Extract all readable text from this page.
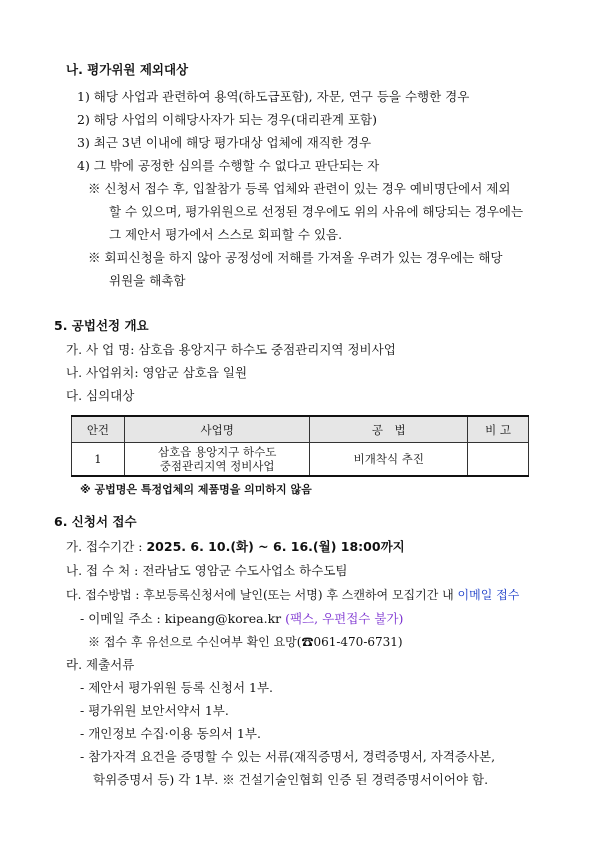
나. 평가위원 제외대상
1) 해당 사업과 관련하여 용역(하도급포함), 자문, 연구 등을 수행한 경우
2) 해당 사업의 이해당사자가 되는 경우(대리관계 포함)
3) 최근 3년 이내에 해당 평가대상 업체에 재직한 경우
4) 그 밖에 공정한 심의를 수행할 수 없다고 판단되는 자
※ 신청서 접수 후, 입찰참가 등록 업체와 관련이 있는 경우 예비명단에서 제외
할 수 있으며, 평가위원으로 선정된 경우에도 위의 사유에 해당되는 경우에는
그 제안서 평가에서 스스로 회피할 수 있음.
※ 회피신청을 하지 않아 공정성에 저해를 가져올 우려가 있는 경우에는 해당
위원을 해촉함
5. 공법선정 개요
가. 사 업 명: 삼호읍 용앙지구 하수도 중점관리지역 정비사업
나. 사업위치: 영암군 삼호읍 일원
다. 심의대상
안건	사업명	공　법	비 고
1	삼호읍 용앙지구 하수도
중점관리지역 정비사업	비개착식 추진	
※ 공법명은 특정업체의 제품명을 의미하지 않음
6. 신청서 접수
가. 접수기간 : 2025. 6. 10.(화) ~ 6. 16.(월) 18:00까지
나. 접 수 처 : 전라남도 영암군 수도사업소 하수도팀
다. 접수방법 : 후보등록신청서에 날인(또는 서명) 후 스캔하여 모집기간 내 이메일 접수
- 이메일 주소 : kipeang@korea.kr (팩스, 우편접수 불가)
※ 접수 후 유선으로 수신여부 확인 요망(☎061-470-6731)
라. 제출서류
- 제안서 평가위원 등록 신청서 1부.
- 평가위원 보안서약서 1부.
- 개인정보 수집·이용 동의서 1부.
- 참가자격 요건을 증명할 수 있는 서류(재직증명서, 경력증명서, 자격증사본,
학위증명서 등) 각 1부. ※ 건설기술인협회 인증 된 경력증명서이어야 함.
